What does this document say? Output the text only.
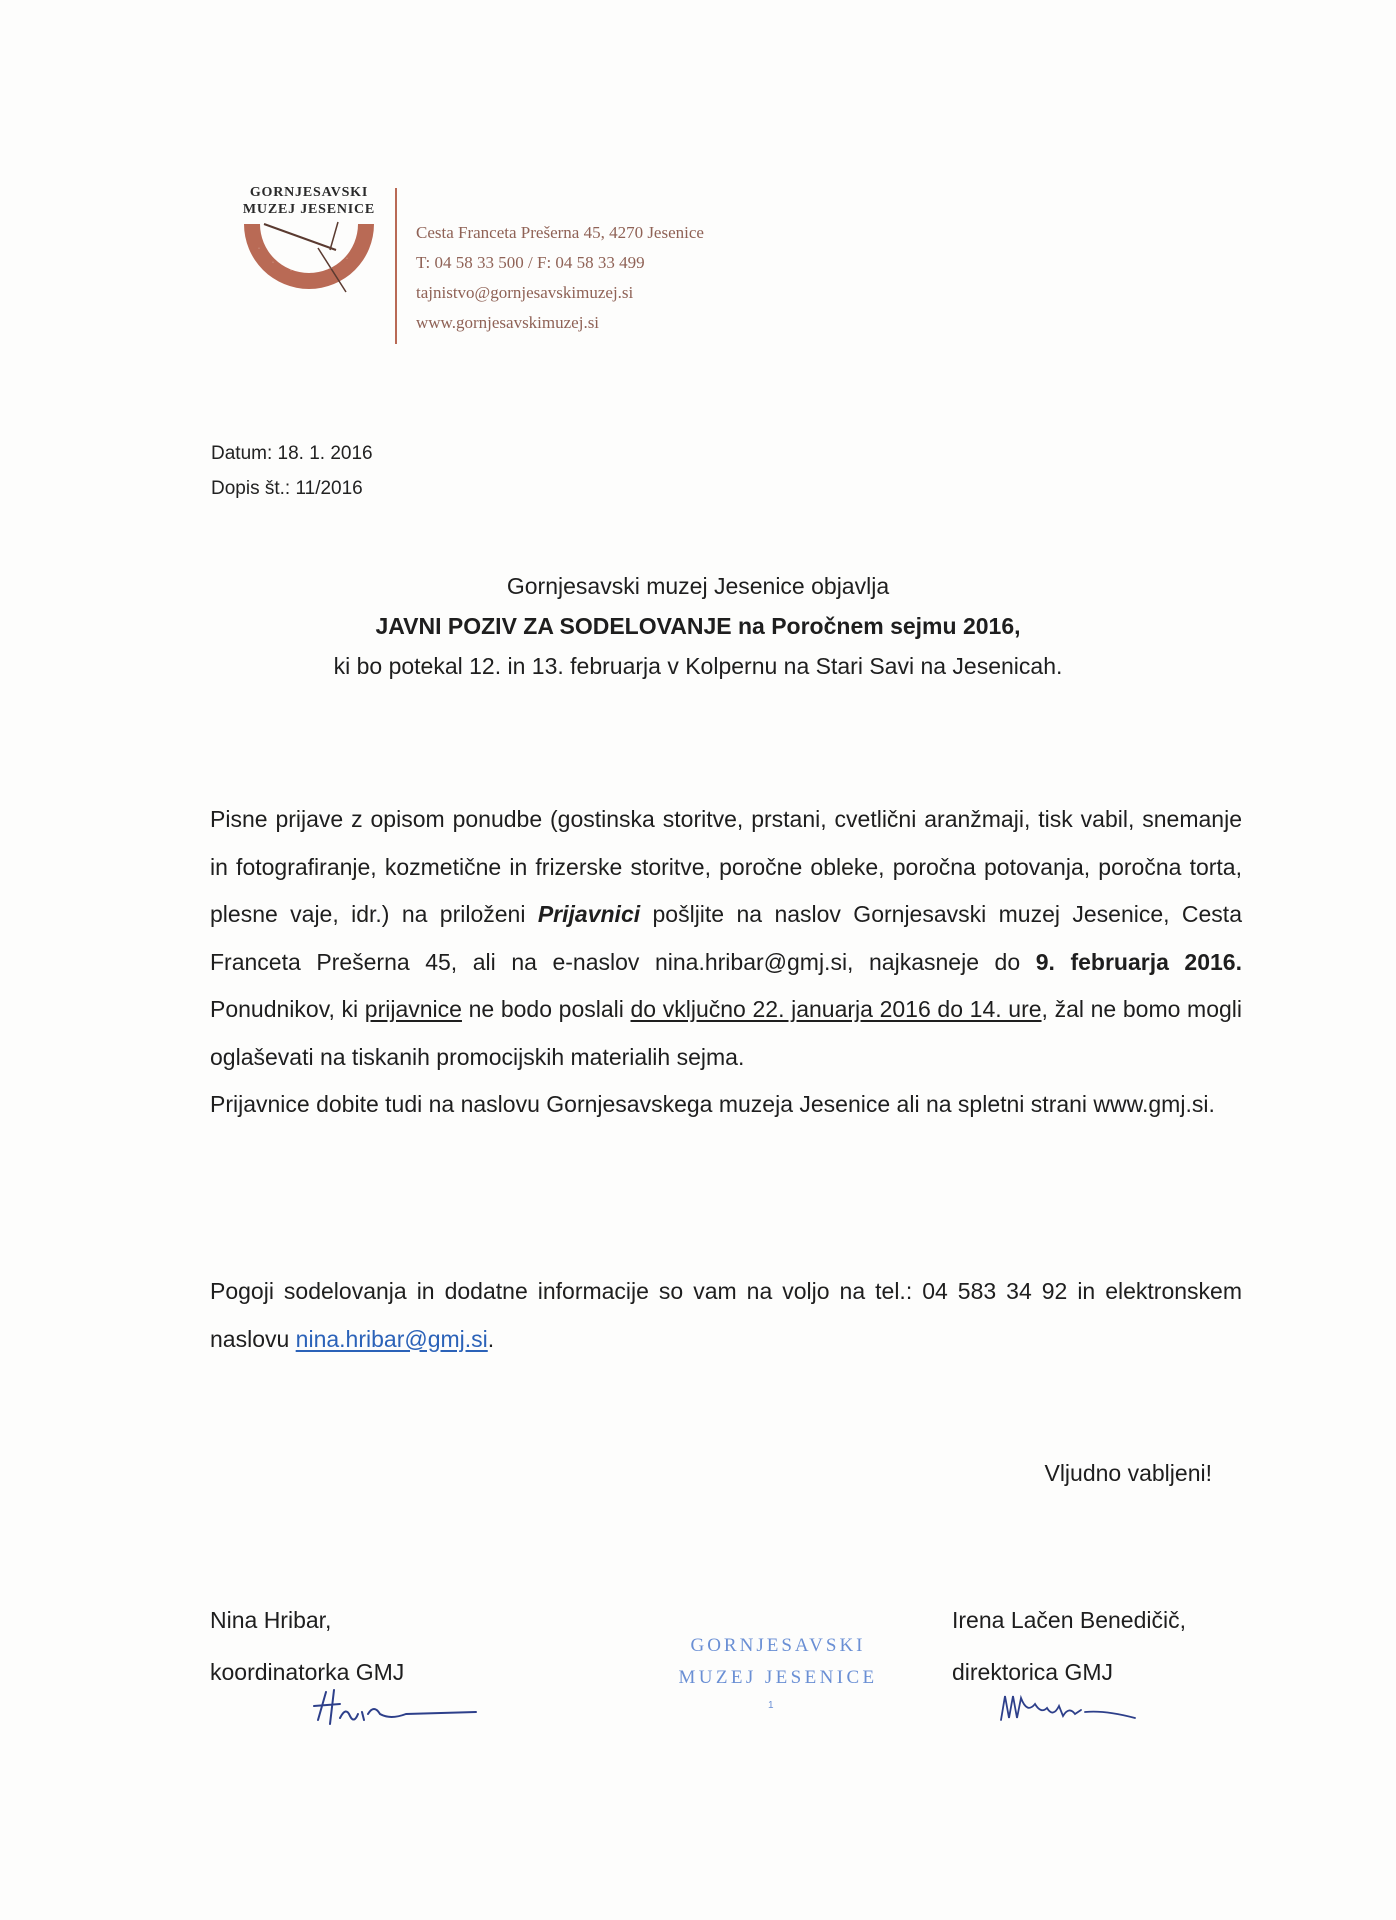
GORNJESAVSKI
MUZEJ JESENICE
·
·
·	·
·
·
Cesta Franceta Prešerna 45, 4270 Jesenice
T: 04 58 33 500 / F: 04 58 33 499
tajnistvo@gornjesavskimuzej.si
www.gornjesavskimuzej.si
Datum: 18. 1. 2016
Dopis št.: 11/2016
Gornjesavski muzej Jesenice objavlja
JAVNI POZIV ZA SODELOVANJE na Poročnem sejmu 2016,
ki bo potekal 12. in 13. februarja v Kolpernu na Stari Savi na Jesenicah.

Pisne prijave z opisom ponudbe (gostinska storitve, prstani, cvetlični aranžmaji, tisk vabil, snemanje in fotografiranje, kozmetične in frizerske storitve, poročne obleke, poročna potovanja, poročna torta, plesne vaje, idr.) na priloženi Prijavnici pošljite na naslov Gornjesavski muzej Jesenice, Cesta Franceta Prešerna 45, ali na e-naslov nina.hribar@gmj.si, najkasneje do 9. februarja 2016. Ponudnikov, ki prijavnice ne bodo poslali do vključno 22. januarja 2016 do 14. ure, žal ne bomo mogli oglaševati na tiskanih promocijskih materialih sejma.

Prijavnice dobite tudi na naslovu Gornjesavskega muzeja Jesenice ali na spletni strani www.gmj.si.

Pogoji sodelovanja in dodatne informacije so vam na voljo na tel.: 04 583 34 92 in elektronskem naslovu nina.hribar@gmj.si.

Vljudno vabljeni!
Nina Hribar,
koordinatorka GMJ
GORNJESAVSKI
MUZEJ JESENICE
1
Irena Lačen Benedičič,
direktorica GMJ
